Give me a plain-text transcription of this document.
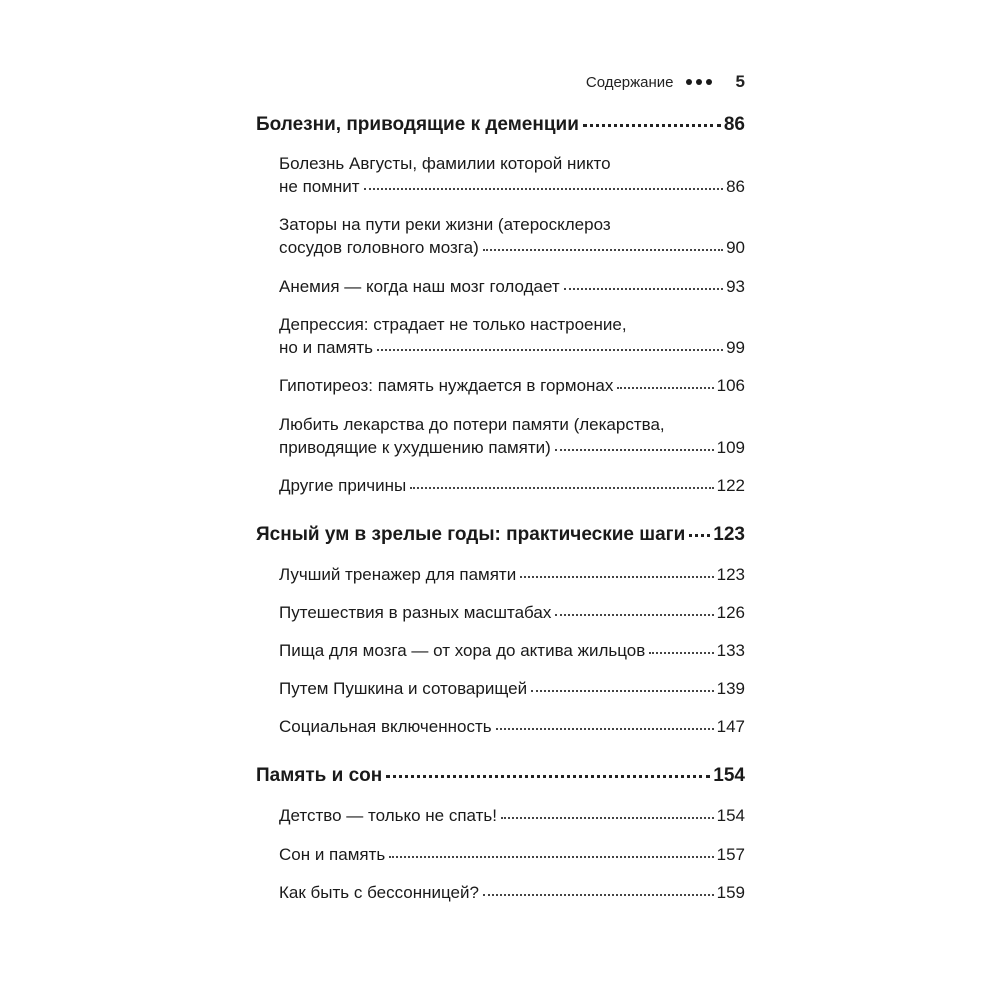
Содержание	5
Болезни, приводящие к деменции	86
Болезнь Августы, фамилии которой никто
не помнит	86
Заторы на пути реки жизни (атеросклероз
сосудов головного мозга)	90
Анемия — когда наш мозг голодает	93
Депрессия: страдает не только настроение,
но и память	99
Гипотиреоз: память нуждается в гормонах	106
Любить лекарства до потери памяти (лекарства,
приводящие к ухудшению памяти)	109
Другие причины	122
Ясный ум в зрелые годы: практические шаги 123
Лучший тренажер для памяти	123
Путешествия в разных масштабах	126
Пища для мозга — от хора до актива жильцов	133
Путем Пушкина и сотоварищей	139
Социальная включенность	147
Память и сон	154
Детство — только не спать!	154
Сон и память	157
Как быть с бессонницей?	159
